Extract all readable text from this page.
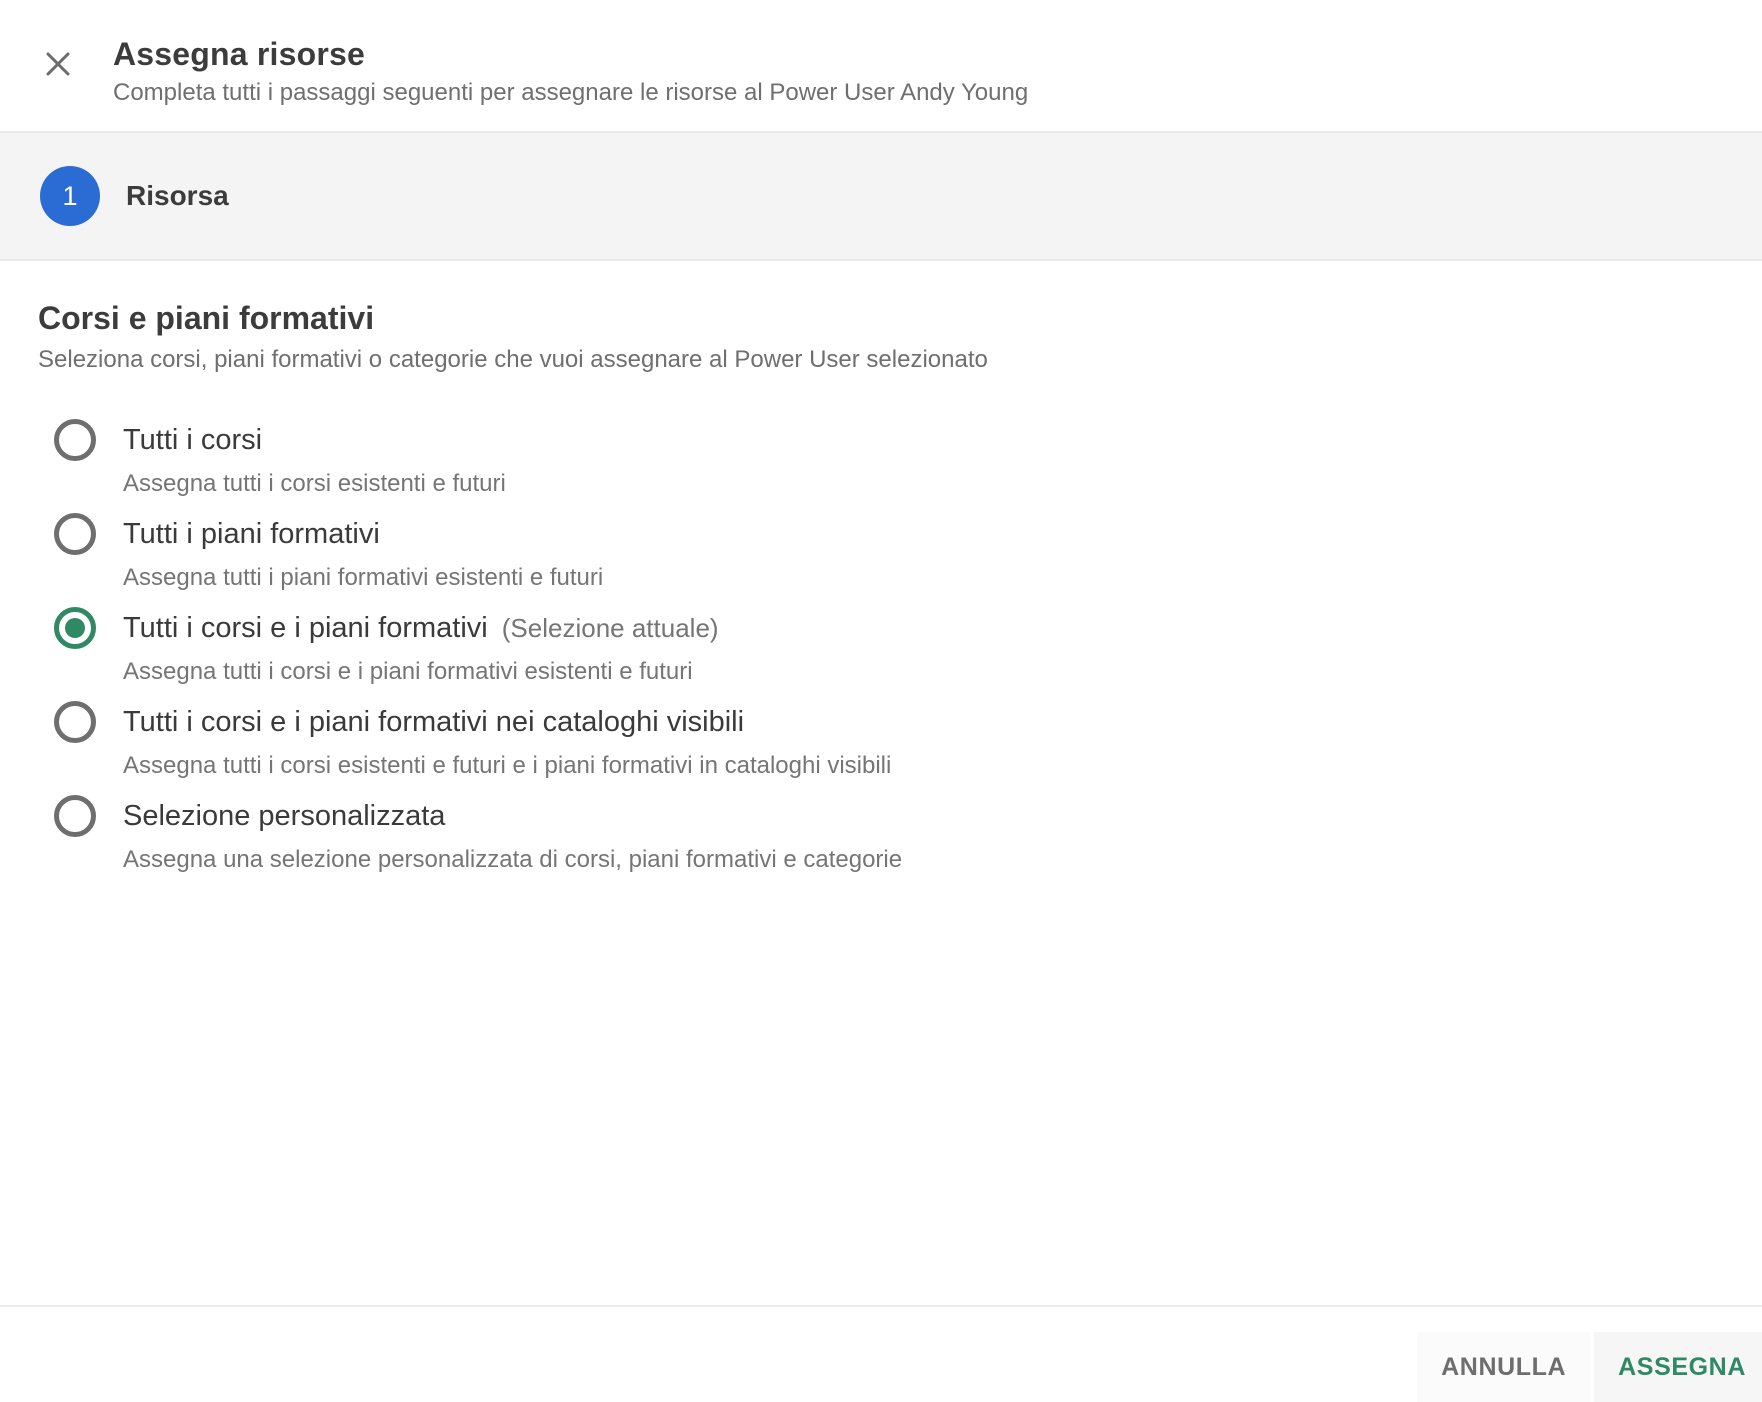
Assegna risorse

Completa tutti i passaggi seguenti per assegnare le risorse al Power User Andy Young

1	Risorsa
Corsi e piani formativi

Seleziona corsi, piani formativi o categorie che vuoi assegnare al Power User selezionato

Tutti i corsi
Assegna tutti i corsi esistenti e futuri
Tutti i piani formativi
Assegna tutti i piani formativi esistenti e futuri
Tutti i corsi e i piani formativi (Selezione attuale)
Assegna tutti i corsi e i piani formativi esistenti e futuri
Tutti i corsi e i piani formativi nei cataloghi visibili
Assegna tutti i corsi esistenti e futuri e i piani formativi in cataloghi visibili
Selezione personalizzata
Assegna una selezione personalizzata di corsi, piani formativi e categorie
ANNULLA	ASSEGNA
